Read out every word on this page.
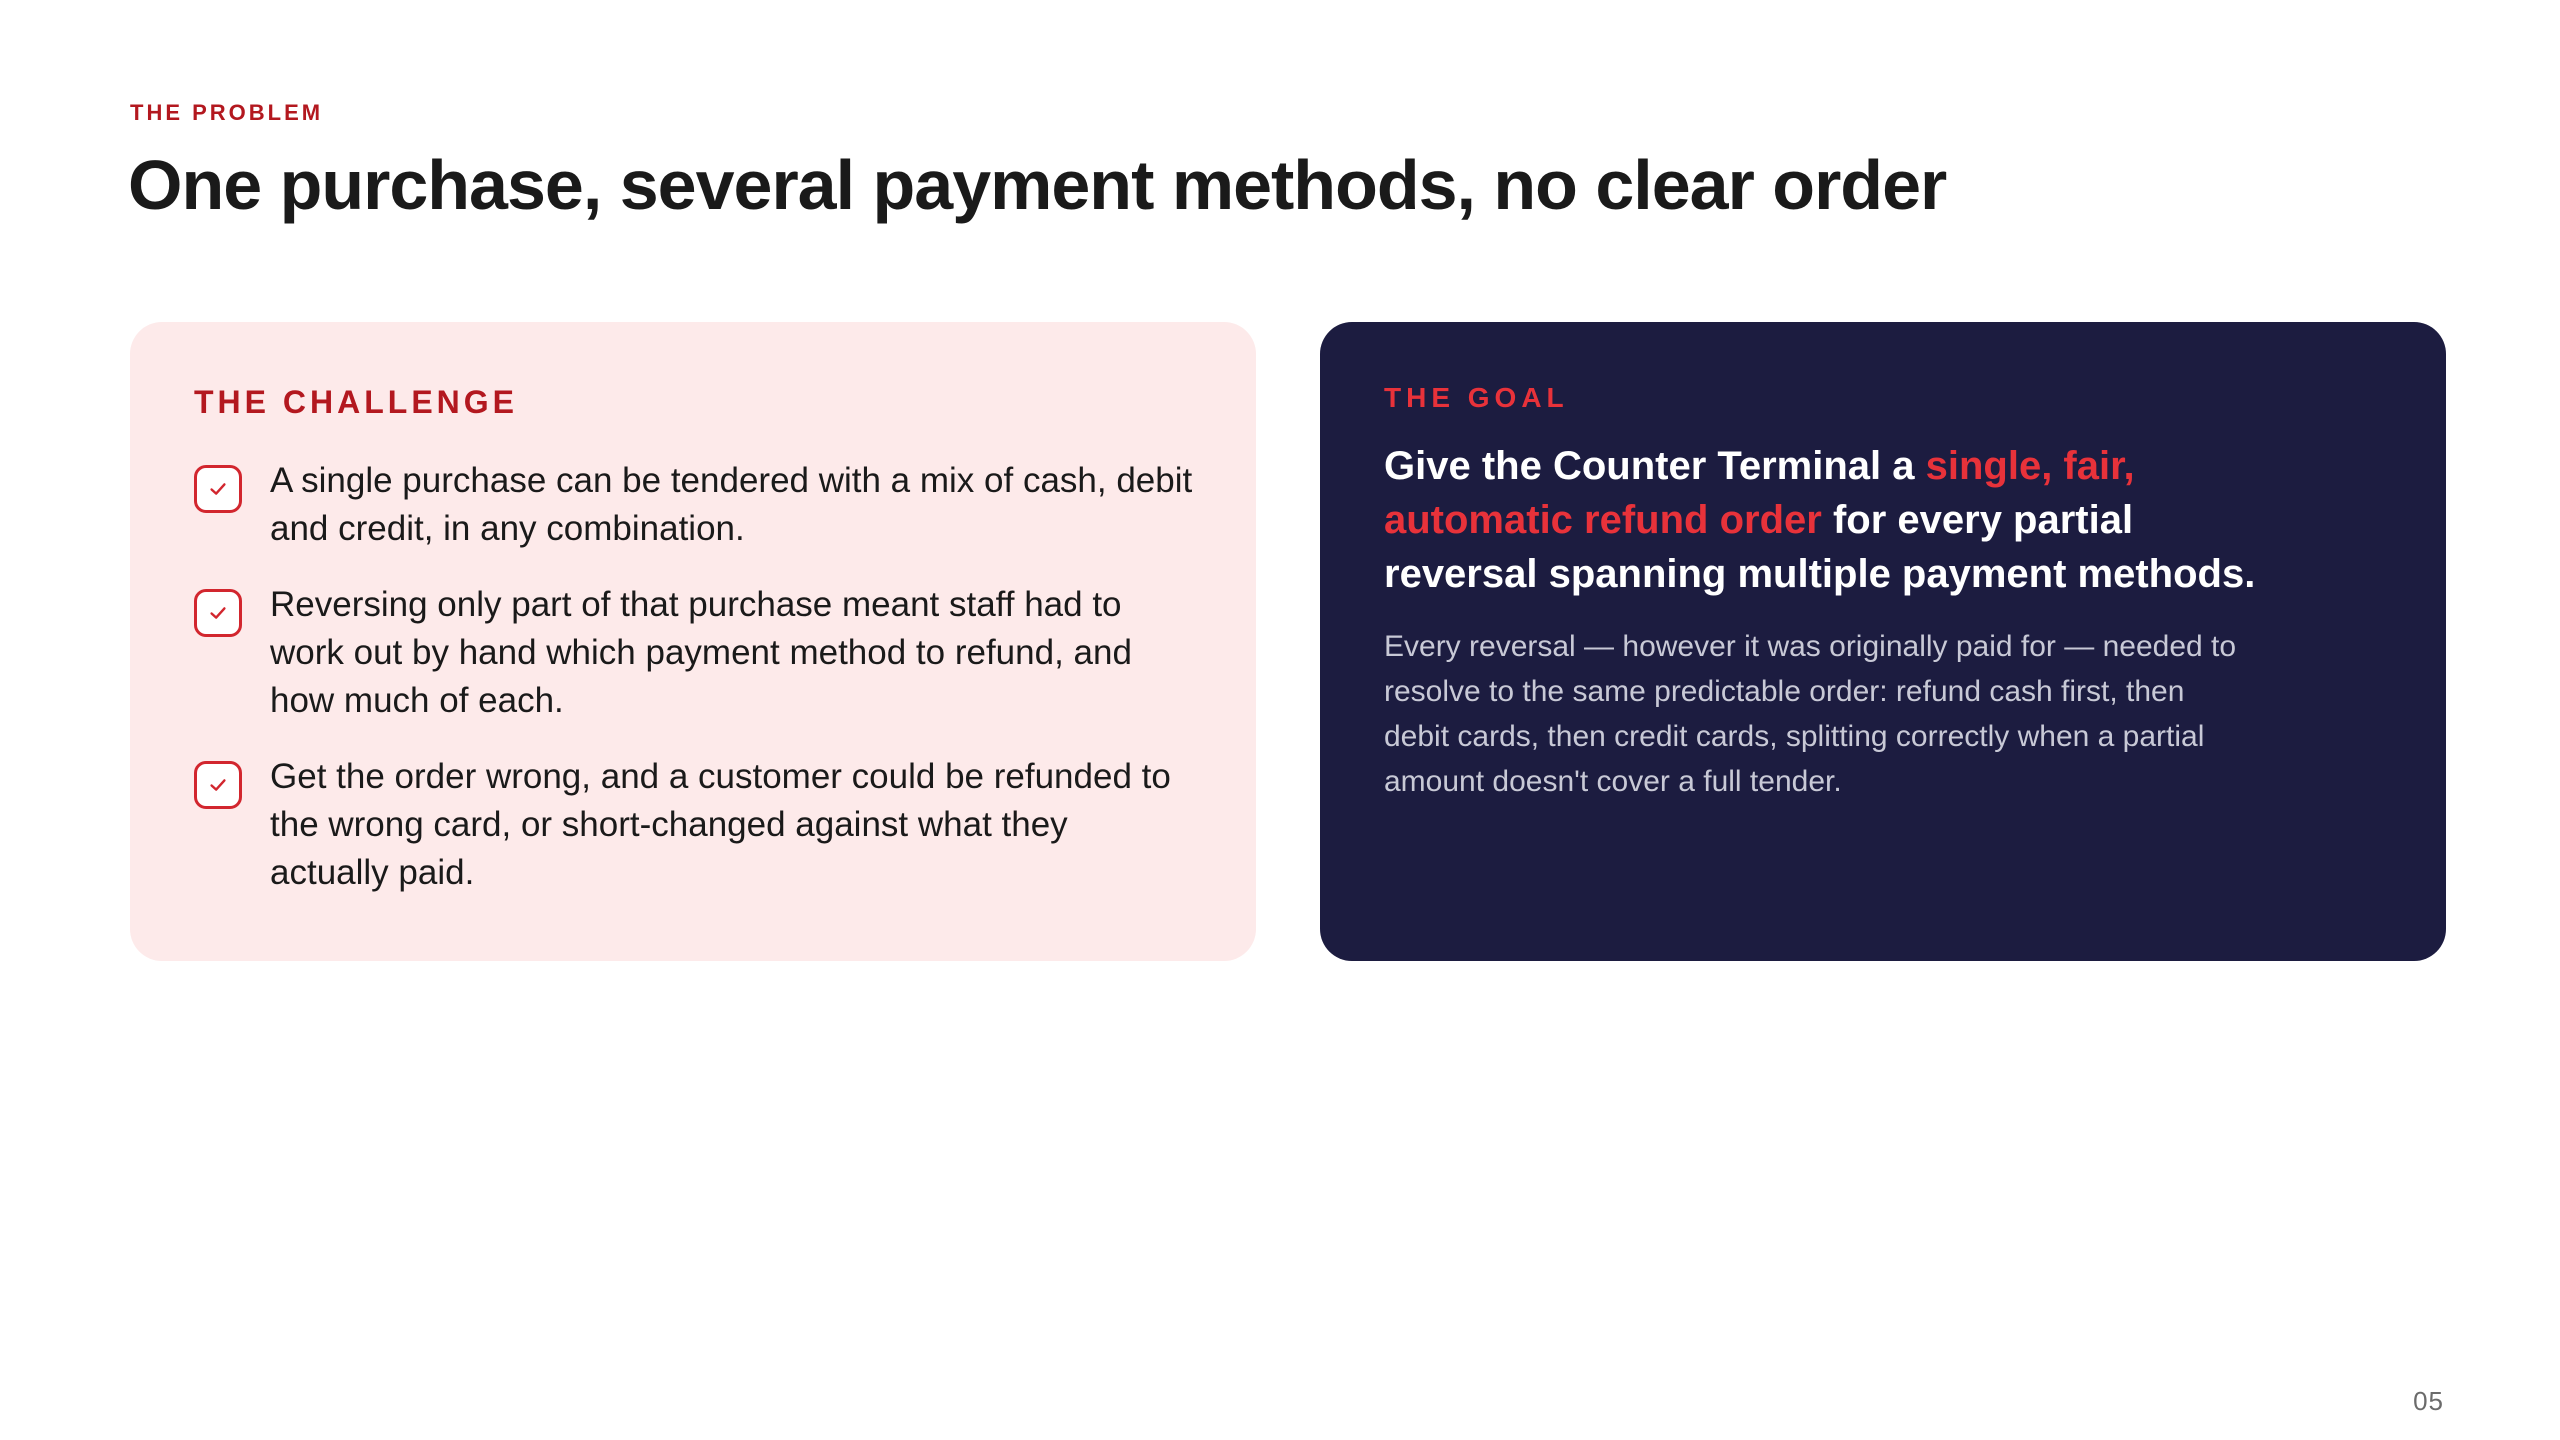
THE PROBLEM
One purchase, several payment methods, no clear order
THE CHALLENGE
A single purchase can be tendered with a mix of cash, debit and credit, in any combination.
Reversing only part of that purchase meant staff had to work out by hand which payment method to refund, and how much of each.
Get the order wrong, and a customer could be refunded to the wrong card, or short-changed against what they actually paid.
THE GOAL

Give the Counter Terminal a single, fair, automatic refund order for every partial reversal spanning multiple payment methods.

Every reversal — however it was originally paid for — needed to resolve to the same predictable order: refund cash first, then debit cards, then credit cards, splitting correctly when a partial amount doesn't cover a full tender.

05
